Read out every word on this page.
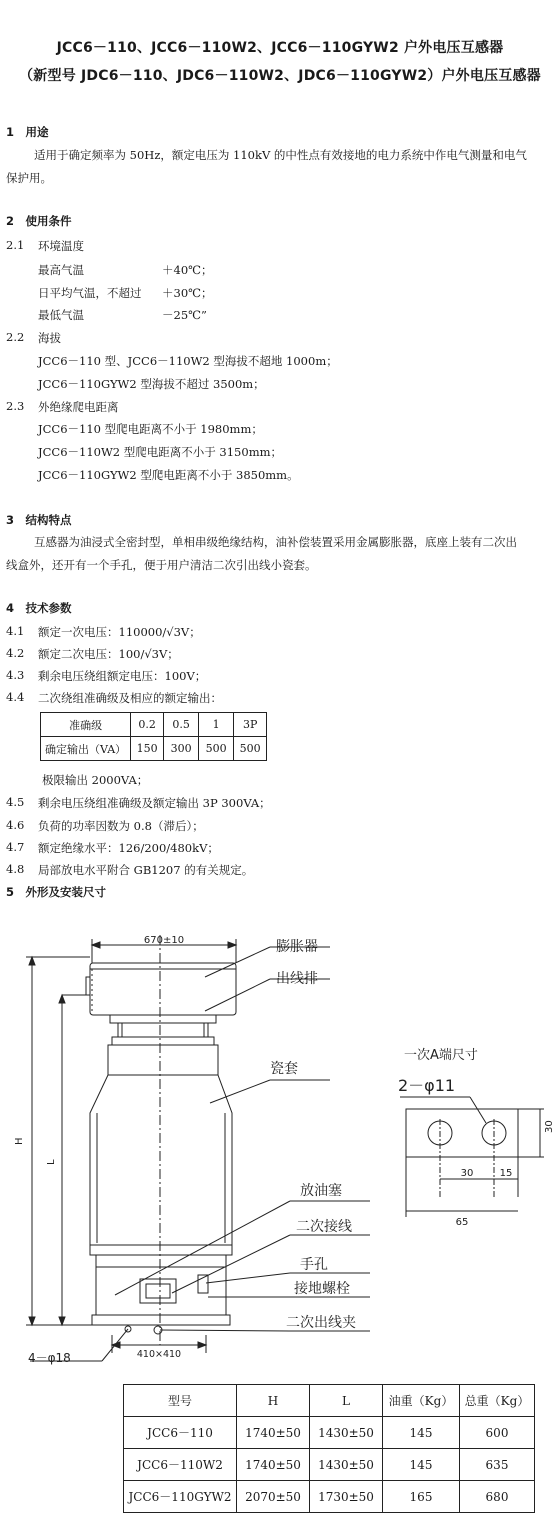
JCC6－110、JCC6－110W2、JCC6－110GYW2 户外电压互感器
（新型号 JDC6－110、JDC6－110W2、JDC6－110GYW2）户外电压互感器
1　用途
适用于确定频率为 50Hz，额定电压为 110kV 的中性点有效接地的电力系统中作电气测量和电气
保护用。
2　使用条件
2.1 环境温度
最高气温	＋40℃；
日平均气温，不超过 ＋30℃；
最低气温	－25℃”
2.2 海拔
JCC6－110 型、JCC6－110W2 型海拔不超地 1000m；
JCC6－110GYW2 型海拔不超过 3500m；
2.3 外绝缘爬电距离
JCC6－110 型爬电距离不小于 1980mm；
JCC6－110W2 型爬电距离不小于 3150mm；
JCC6－110GYW2 型爬电距离不小于 3850mm。
3　结构特点
互感器为油浸式全密封型，单相串级绝缘结构，油补偿装置采用金属膨胀器，底座上装有二次出
线盒外，还开有一个手孔，便于用户清洁二次引出线小瓷套。
4　技术参数
4.1 额定一次电压：110000/√3V；
4.2 额定二次电压：100/√3V；
4.3 剩余电压绕组额定电压：100V；
4.4 二次绕组准确级及相应的额定输出：
准确级	0.2	0.5	1	3P
确定输出（VA）	150	300	500	500
极限输出 2000VA；
4.5 剩余电压绕组准确级及额定输出 3P 300VA；
4.6 负荷的功率因数为 0.8（滞后）；
4.7 额定绝缘水平：126/200/480kV；
4.8 局部放电水平附合 GB1207 的有关规定。
5　外形及安装尺寸
670±10
H
L
410×410
4－φ18
膨胀器
出线排
瓷套
放油塞
二次接线
手孔
接地螺栓
二次出线夹
一次A端尺寸
2－φ11
30	15
65
30
型号	H	L	油重（Kg）	总重（Kg）
JCC6－110	1740±50	1430±50	145	600
JCC6－110W2	1740±50	1430±50	145	635
JCC6－110GYW2	2070±50	1730±50	165	680
